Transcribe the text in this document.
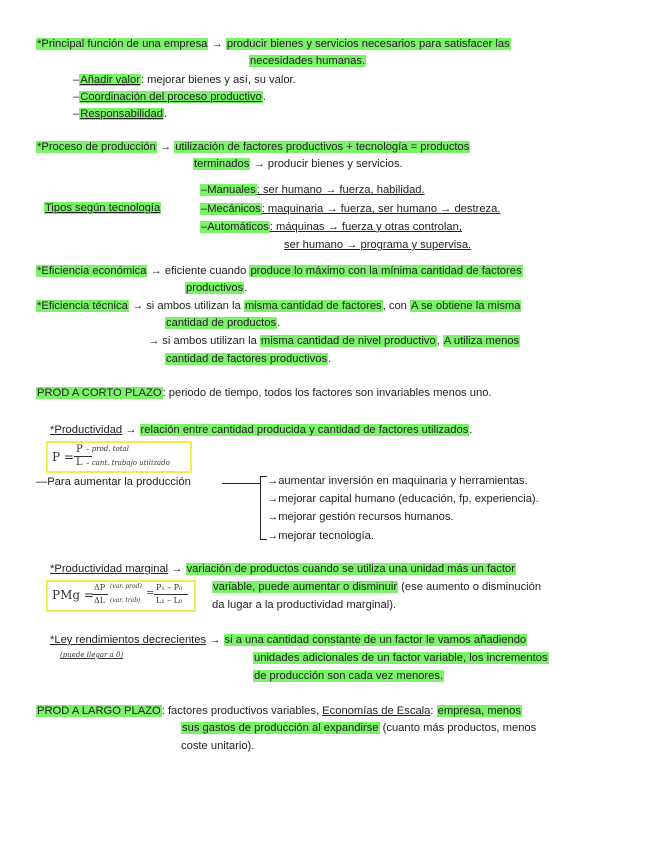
*Principal función de una empresa → producir bienes y servicios necesarios para satisfacer las
necesidades humanas.
–Añadir valor: mejorar bienes y así, su valor.
–Coordinación del proceso productivo.
–Responsabilidad.
*Proceso de producción → utilización de factores productivos + tecnología = productos
terminados → producir bienes y servicios.
Tipos según tecnología
–Manuales: ser humano → fuerza, habilidad.
–Mecánicos: maquinaria → fuerza, ser humano → destreza.
–Automáticos: máquinas → fuerza y otras controlan,
ser humano → programa y supervisa.
*Eficiencia económica → eficiente cuando produce lo máximo con la mínima cantidad de factores
productivos.
*Eficiencia técnica → si ambos utilizan la misma cantidad de factores, con A se obtiene la misma
cantidad de productos.
→ si ambos utilizan la misma cantidad de nivel productivo, A utiliza menos
cantidad de factores productivos.
PROD A CORTO PLAZO: periodo de tiempo, todos los factores son invariables menos uno.
*Productividad → relación entre cantidad producida y cantidad de factores utilizados.
P =
P – prod. total
L – cant. trabajo utilizado
—Para aumentar la producción	→aumentar inversión en maquinaria y herramientas.
→mejorar capital humano (educación, fp, experiencia).
→mejorar gestión recursos humanos.
→mejorar tecnología.
*Productividad marginal → variación de productos cuando se utiliza una unidad más un factor
variable, puede aumentar o disminuir (ese aumento o disminución
da lugar a la productividad marginal).
PMg =
ΔP (var. prod)
ΔL (var. trab)
=
P₁ – P₀
L₁ – L₀
*Ley rendimientos decrecientes → si a una cantidad constante de un factor le vamos añadiendo
(puede llegar a 0)	unidades adicionales de un factor variable, los incrementos
de producción son cada vez menores.
PROD A LARGO PLAZO: factores productivos variables, Economías de Escala: empresa, menos
sus gastos de producción al expandirse (cuanto más productos, menos
coste unitario).
